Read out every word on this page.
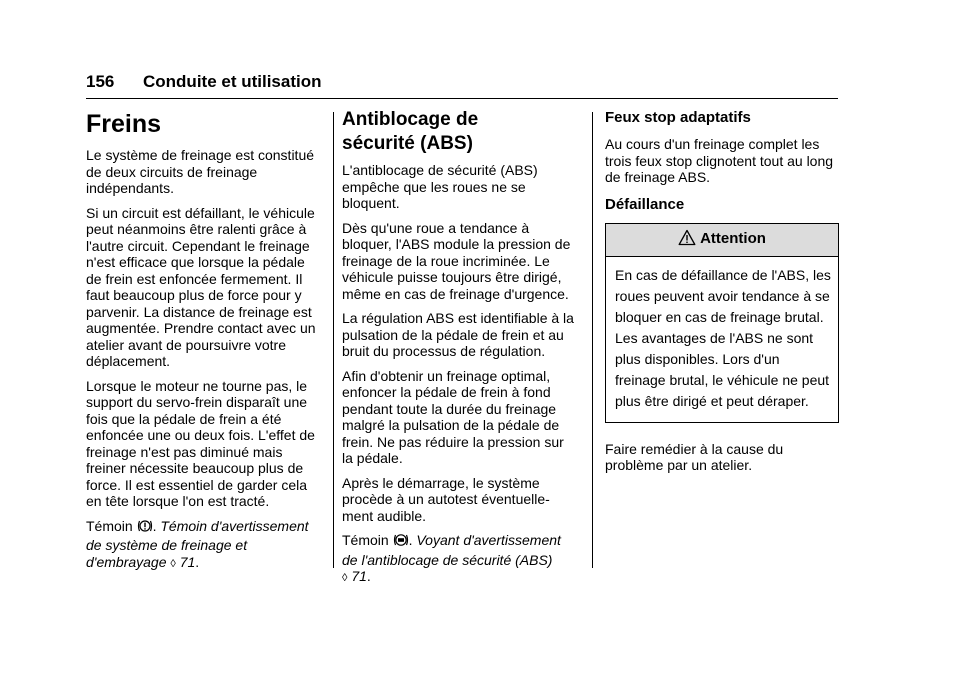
156 Conduite et utilisation
Freins

Le système de freinage est constitué de deux circuits de freinage indépendants.

Si un circuit est défaillant, le véhicule peut néanmoins être ralenti grâce à l'autre circuit. Cependant le freinage n'est efficace que lorsque la pédale de frein est enfoncée fermement. Il faut beaucoup plus de force pour y parvenir. La distance de freinage est augmentée. Prendre contact avec un atelier avant de poursuivre votre déplacement.

Lorsque le moteur ne tourne pas, le support du servo-frein disparaît une fois que la pédale de frein a été enfoncée une ou deux fois. L'effet de freinage n'est pas diminué mais freiner nécessite beaucoup plus de force. Il est essentiel de garder cela en tête lorsque l'on est tracté.

Témoin . Témoin d'avertissement de système de freinage et d'embrayage ◊ 71.

Antiblocage de
sécurité (ABS)

L'antiblocage de sécurité (ABS) empêche que les roues ne se bloquent.

Dès qu'une roue a tendance à bloquer, l'ABS module la pression de freinage de la roue incriminée. Le véhicule puisse toujours être dirigé, même en cas de freinage d'urgence.

La régulation ABS est identifiable à la pulsation de la pédale de frein et au bruit du processus de régulation.

Afin d'obtenir un freinage optimal, enfoncer la pédale de frein à fond pendant toute la durée du freinage malgré la pulsation de la pédale de frein. Ne pas réduire la pression sur la pédale.

Après le démarrage, le système procède à un autotest éventuelle-ment audible.

Témoin . Voyant d'avertissement de l'antiblocage de sécurité (ABS)
◊ 71.

Feux stop adaptatifs

Au cours d'un freinage complet les trois feux stop clignotent tout au long de freinage ABS.

Défaillance
Attention
En cas de défaillance de l'ABS, les roues peuvent avoir tendance à se bloquer en cas de freinage brutal. Les avantages de l'ABS ne sont plus disponibles. Lors d'un freinage brutal, le véhicule ne peut plus être dirigé et peut déraper.

Faire remédier à la cause du problème par un atelier.
